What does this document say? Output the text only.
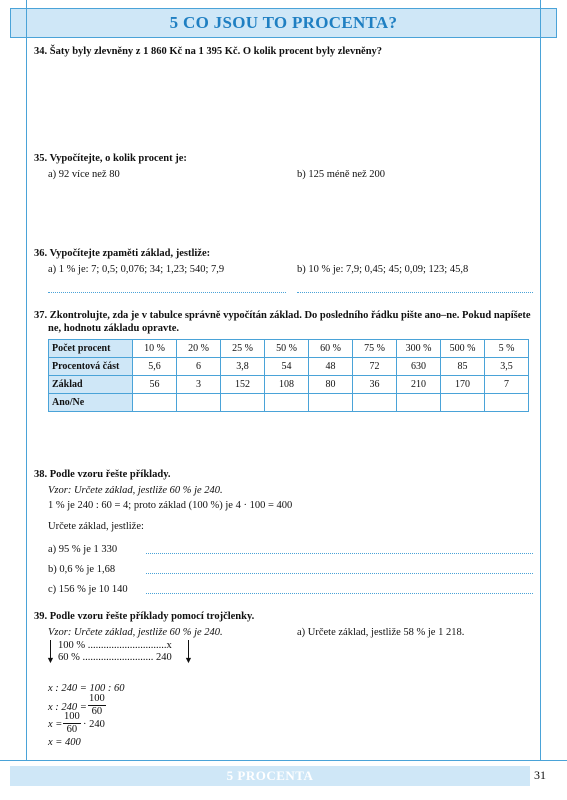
5 CO JSOU TO PROCENTA?
34. Šaty byly zlevněny z 1 860 Kč na 1 395 Kč. O kolik procent byly zlevněny?
35. Vypočítejte, o kolik procent je:
a) 92 více než 80	b) 125 méně než 200
36. Vypočítejte zpaměti základ, jestliže:
a) 1 % je: 7; 0,5; 0,076; 34; 1,23; 540; 7,9	b) 10 % je: 7,9; 0,45; 45; 0,09; 123; 45,8
37. Zkontrolujte, zda je v tabulce správně vypočítán základ. Do posledního řádku pište ano–ne. Pokud napíšete
ne, hodnotu základu opravte.
Počet procent	10 %	20 %	25 %	50 %	60 %	75 %	300 %	500 %	5 %
Procentová část	5,6	6	3,8	54	48	72	630	85	3,5
Základ	56	3	152	108	80	36	210	170	7
Ano/Ne									
38. Podle vzoru řešte příklady.
Vzor: Určete základ, jestliže 60 % je 240.
1 % je 240 : 60 = 4; proto základ (100 %) je 4 · 100 = 400
Určete základ, jestliže:
a) 95 % je 1 330
b) 0,6 % je 1,68
c) 156 % je 10 140
39. Podle vzoru řešte příklady pomocí trojčlenky.
Vzor: Určete základ, jestliže 60 % je 240.	a) Určete základ, jestliže 58 % je 1 218.
▼
100 % ..............................x
60 % ........................... 240 ▼
x : 240 = 100 : 60
x : $240 = \frac{100}{60}$
$x = \frac{100}{60} \cdot 240$
x = 400
5 PROCENTA	31
